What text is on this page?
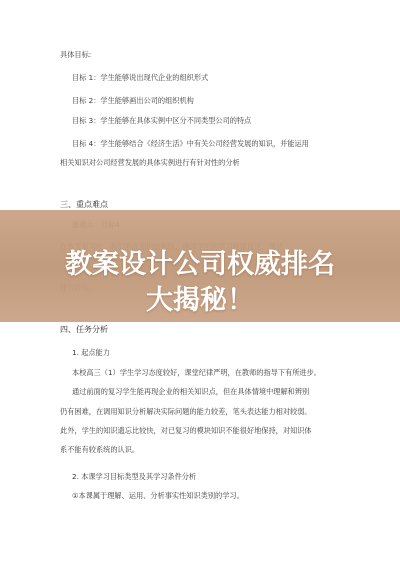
具体目标:
目标 1：学生能够说出现代企业的组织形式
目标 2：学生能够画出公司的组织机构
目标 3：学生能够在具体实例中区分不同类型公司的特点
目标 4：学生能够结合《经济生活》中有关公司经营发展的知识，并能运用
相关知识对公司经营发展的具体实例进行有针对性的分析
三、重点难点
教案设计公司权威排名
大揭秘！
四、任务分析
1. 起点能力
本校高三（1）学生学习态度较好，课堂纪律严明，在教师的指导下有所进步。
通过前面的复习学生能再现企业的相关知识点，但在具体情境中理解和辨别
仍有困难，在调用知识分析解决实际问题的能力较差，笔头表达能力相对较弱。
此外，学生的知识遗忘比较快，对已复习的模块知识不能很好地保持，对知识体
系不能有较系统的认识。
2. 本课学习目标类型及其学习条件分析
①本课属于理解、运用、分析事实性知识类别的学习。
